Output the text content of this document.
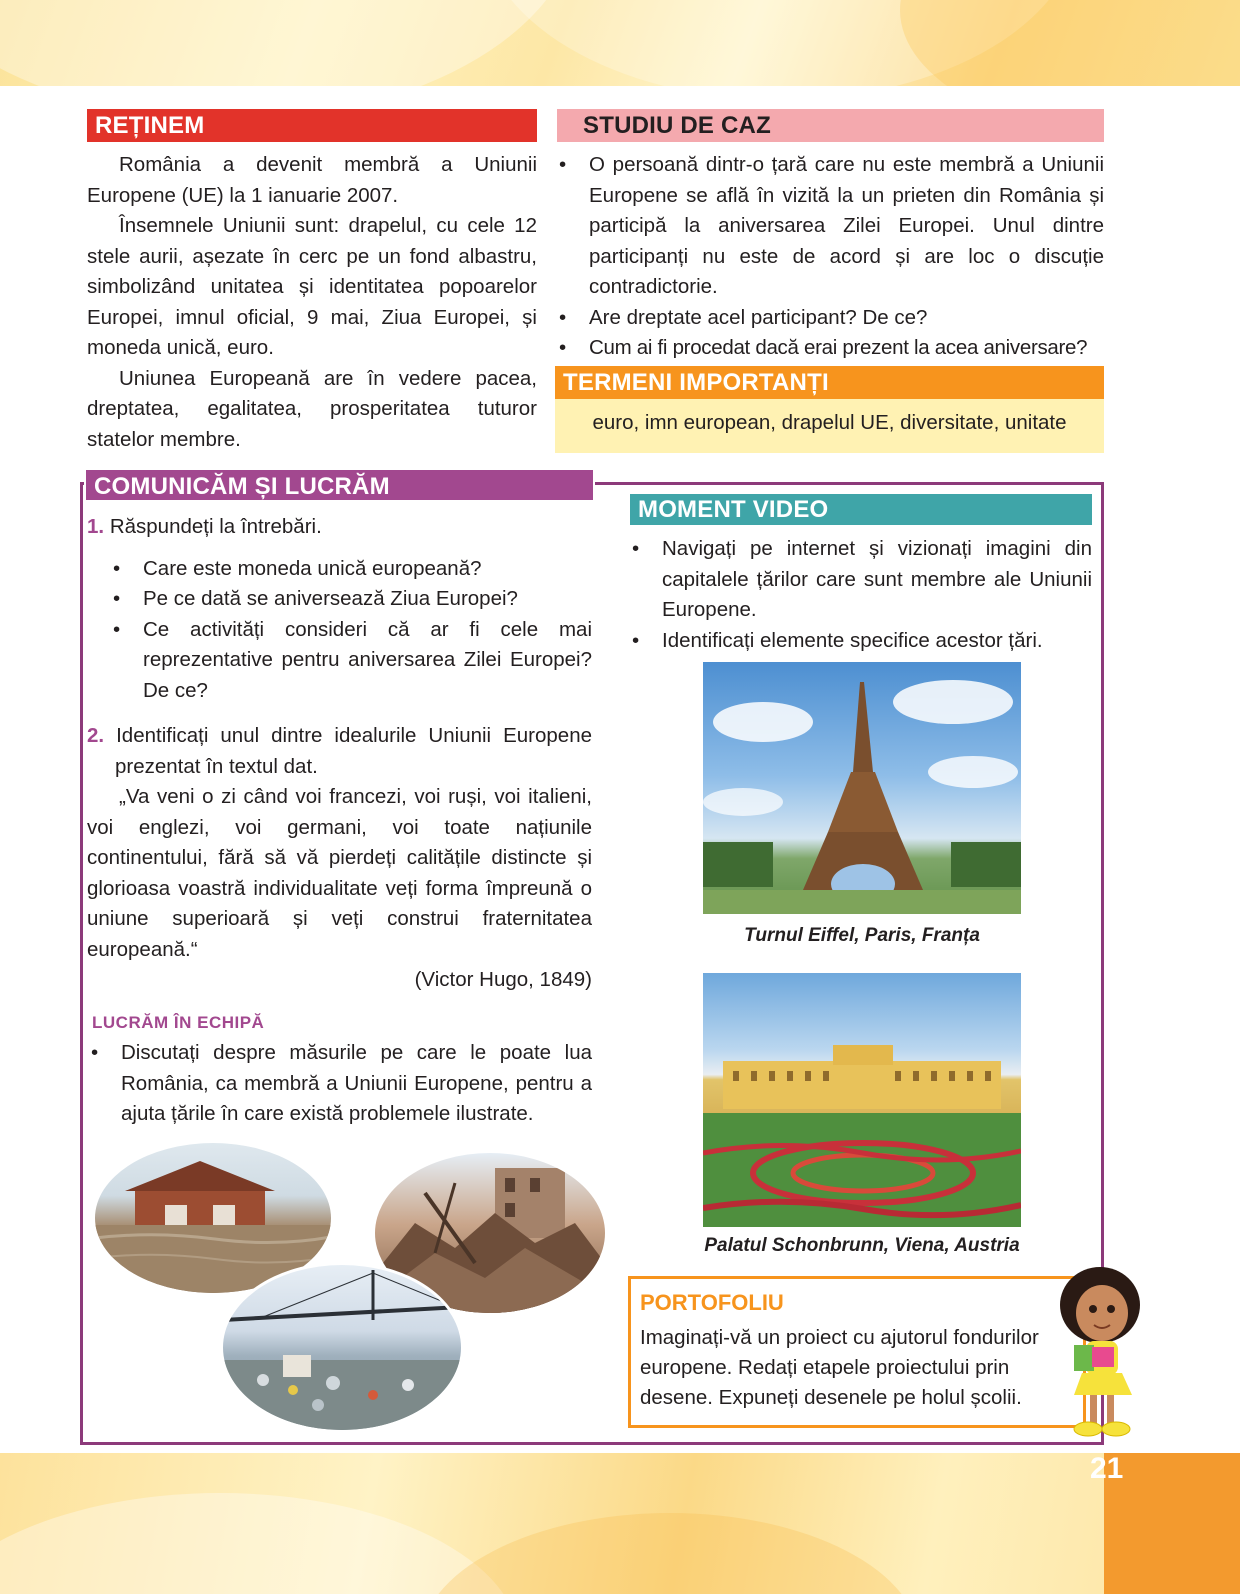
21
REȚINEM

România a devenit membră a Uniunii Europene (UE) la 1 ianuarie 2007.

Însemnele Uniunii sunt: drapelul, cu cele 12 stele aurii, așezate în cerc pe un fond albastru, simbolizând unitatea și identitatea popoarelor Europei, imnul oficial, 9 mai, Ziua Europei, și moneda unică, euro.

Uniunea Europeană are în vedere pacea, dreptatea, egalitatea, prosperitatea tuturor statelor membre.

STUDIU DE CAZ
• O persoană dintr-o țară care nu este membră a Uniunii Europene se află în vizită la un prieten din România și participă la aniversarea Zilei Europei. Unul dintre participanți nu este de acord și are loc o discuție contradictorie.
• Are dreptate acel participant? De ce?
• Cum ai fi procedat dacă erai prezent la acea aniversare?
TERMENI IMPORTANȚI
euro, imn european, drapelul UE, diversitate, unitate
COMUNICĂM ȘI LUCRĂM

1. Răspundeți la întrebări.

• Care este moneda unică europeană?
• Pe ce dată se aniversează Ziua Europei?
• Ce activități consideri că ar fi cele mai reprezentative pentru aniversarea Zilei Europei? De ce?

2. Identificați unul dintre idealurile Uniunii Europene prezentat în textul dat.

„Va veni o zi când voi francezi, voi ruși, voi italieni, voi englezi, voi germani, voi toate națiunile continentului, fără să vă pierdeți calitățile distincte și glorioasa voastră individualitate veți forma împreună o uniune superioară și veți construi fraternitatea europeană.“

(Victor Hugo, 1849)

LUCRĂM ÎN ECHIPĂ

• Discutați despre măsurile pe care le poate lua România, ca membră a Uniunii Europene, pentru a ajuta țările în care există problemele ilustrate.
MOMENT VIDEO
• Navigați pe internet și vizionați imagini din capitalele țărilor care sunt membre ale Uniunii Europene.
• Identificați elemente specifice acestor țări.
Turnul Eiffel, Paris, Franța
Palatul Schonbrunn, Viena, Austria
PORTOFOLIU
Imaginați-vă un proiect cu ajutorul fondurilor europene. Redați etapele proiectului prin desene. Expuneți desenele pe holul școlii.
